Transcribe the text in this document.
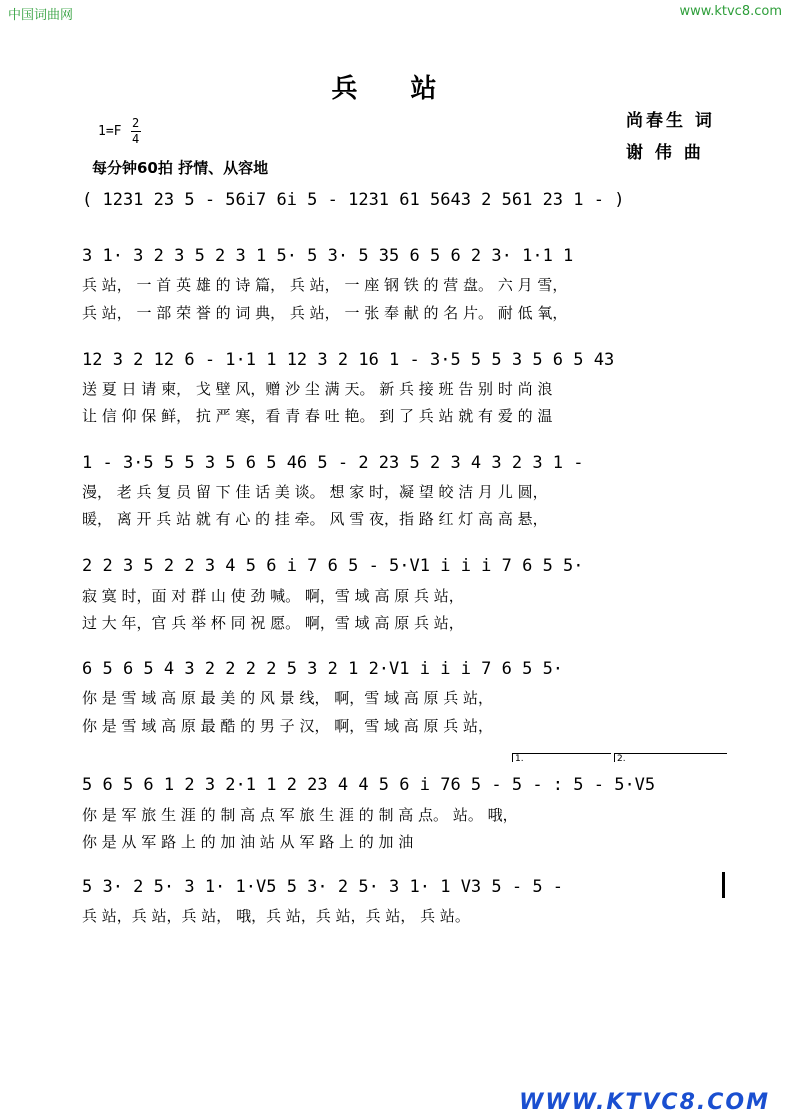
中国词曲网	www.ktvc8.com
兵 站
尚春生 词
谢 伟 曲
1=F
2
4
每分钟60拍 抒情、从容地
( 1231 23 5 - 56i7 6i 5 - 1231 61 5643 2 561 23 1 - )
3 1· 3 2 3 5 2 3 1 5· 5 3· 5 35 6 5 6 2 3· 1·1 1
兵 站， 一 首 英 雄 的 诗 篇， 兵 站， 一 座 钢 铁 的 营 盘。 六 月 雪，
兵 站， 一 部 荣 誉 的 词 典， 兵 站， 一 张 奉 献 的 名 片。 耐 低 氧，
12 3 2 12 6 - 1·1 1 12 3 2 16 1 - 3·5 5 5 3 5 6 5 43
送 夏 日 请 柬， 戈 壁 风，赠 沙 尘 满 天。 新 兵 接 班 告 别 时 尚 浪
让 信 仰 保 鲜， 抗 严 寒，看 青 春 吐 艳。 到 了 兵 站 就 有 爱 的 温
1 - 3·5 5 5 3 5 6 5 46 5 - 2 23 5 2 3 4 3 2 3 1 -
漫， 老 兵 复 员 留 下 佳 话 美 谈。 想 家 时，凝 望 皎 洁 月 儿 圆，
暖， 离 开 兵 站 就 有 心 的 挂 牵。 风 雪 夜，指 路 红 灯 高 高 悬，
2 2 3 5 2 2 3 4 5 6 i 7 6 5 - 5·V1 i i i 7 6 5 5·
寂 寞 时，面 对 群 山 使 劲 喊。 啊，雪 域 高 原 兵 站，
过 大 年，官 兵 举 杯 同 祝 愿。 啊，雪 域 高 原 兵 站，
6 5 6 5 4 3 2 2 2 2 5 3 2 1 2·V1 i i i 7 6 5 5·
你 是 雪 域 高 原 最 美 的 风 景 线， 啊，雪 域 高 原 兵 站，
你 是 雪 域 高 原 最 酷 的 男 子 汉， 啊，雪 域 高 原 兵 站，
1.	2.
5 6 5 6 1 2 3 2·1 1 2 23 4 4 5 6 i 76 5 - 5 - : 5 - 5·V5
你 是 军 旅 生 涯 的 制 高 点 军 旅 生 涯 的 制 高 点。 站。 哦，
你 是 从 军 路 上 的 加 油 站 从 军 路 上 的 加 油
5 3· 2 5· 3 1· 1·V5 5 3· 2 5· 3 1· 1 V3 5 - 5 -
兵 站，兵 站，兵 站， 哦，兵 站，兵 站，兵 站， 兵 站。
WWW.KTVC8.COM
